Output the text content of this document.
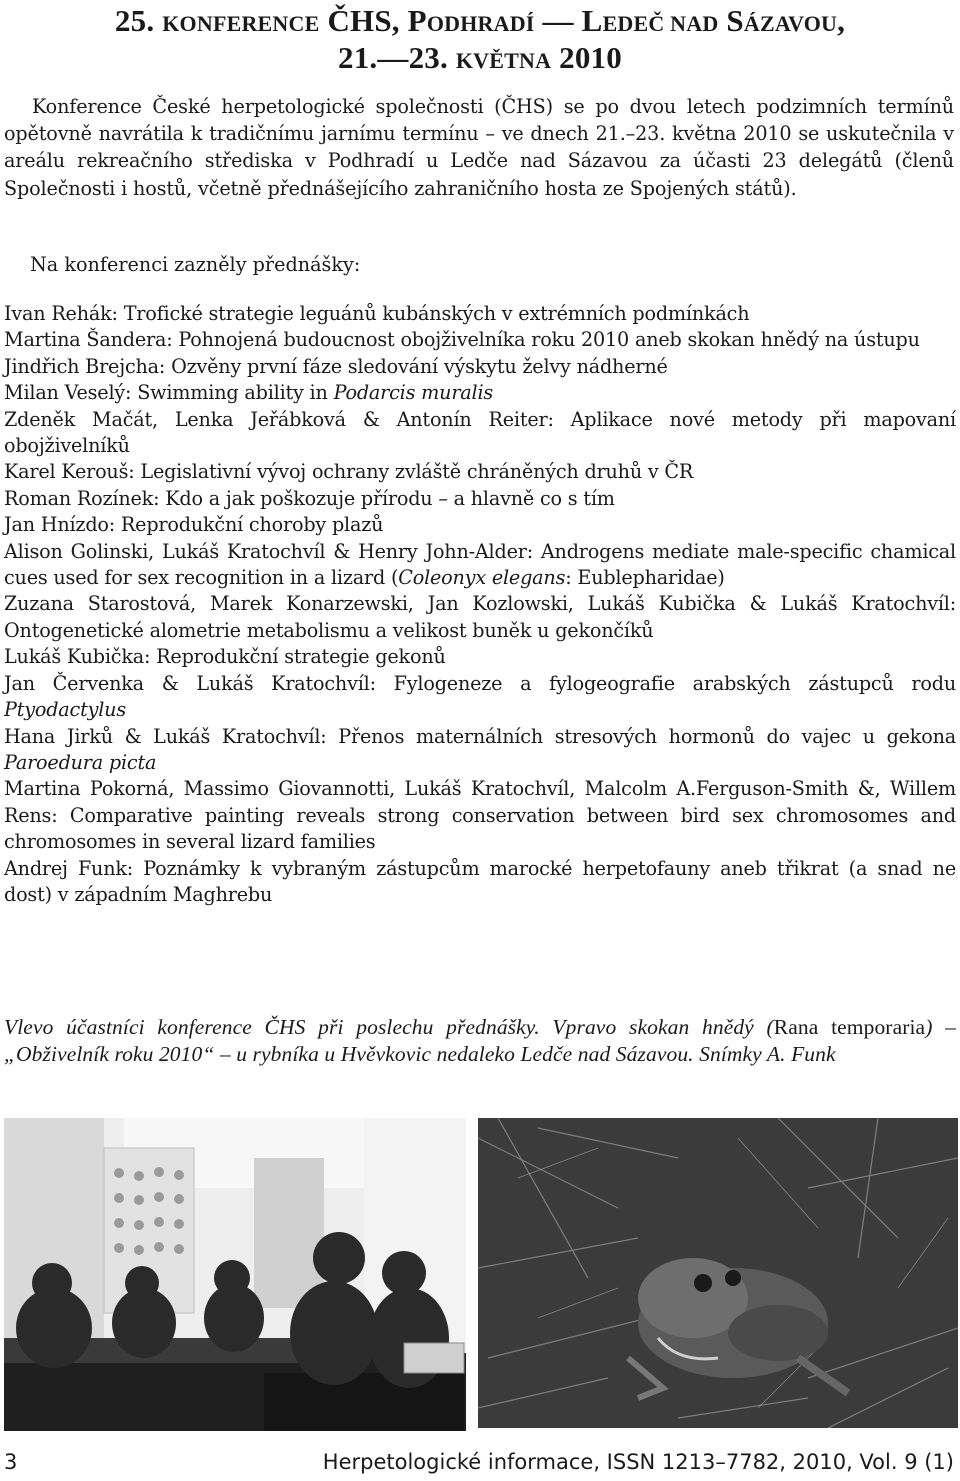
25. KONFERENCE ČHS, PODHRADÍ — LEDEČ NAD SÁZAVOU,
21.—23. KVĚTNA 2010

Konference České herpetologické společnosti (ČHS) se po dvou letech podzimních termínů opětovně navrátila k tradičnímu jarnímu termínu – ve dnech 21.–23. května 2010 se uskutečnila v areálu rekreačního střediska v Podhradí u Ledče nad Sázavou za účasti 23 delegátů (členů Společnosti i hostů, včetně přednášejícího zahraničního hosta ze Spojených států).

Na konferenci zazněly přednášky:

Ivan Rehák: Trofické strategie leguánů kubánských v extrémních podmínkách

Martina Šandera: Pohnojená budoucnost obojživelníka roku 2010 aneb skokan hnědý na ústupu

Jindřich Brejcha: Ozvěny první fáze sledování výskytu želvy nádherné

Milan Veselý: Swimming ability in Podarcis muralis

Zdeněk Mačát, Lenka Jeřábková & Antonín Reiter: Aplikace nové metody při mapovaní obojživelníků

Karel Kerouš: Legislativní vývoj ochrany zvláště chráněných druhů v ČR

Roman Rozínek: Kdo a jak poškozuje přírodu – a hlavně co s tím

Jan Hnízdo: Reprodukční choroby plazů

Alison Golinski, Lukáš Kratochvíl & Henry John-Alder: Androgens mediate male-specific chamical cues used for sex recognition in a lizard (Coleonyx elegans: Eublepharidae)

Zuzana Starostová, Marek Konarzewski, Jan Kozlowski, Lukáš Kubička & Lukáš Kratochvíl: Ontogenetické alometrie metabolismu a velikost buněk u gekončíků

Lukáš Kubička: Reprodukční strategie gekonů

Jan Červenka & Lukáš Kratochvíl: Fylogeneze a fylogeografie arabských zástupců rodu Ptyodactylus

Hana Jirků & Lukáš Kratochvíl: Přenos maternálních stresových hormonů do vajec u gekona Paroedura picta

Martina Pokorná, Massimo Giovannotti, Lukáš Kratochvíl, Malcolm A.Ferguson-Smith &, Willem Rens: Comparative painting reveals strong conservation between bird sex chromosomes and chromosomes in several lizard families

Andrej Funk: Poznámky k vybraným zástupcům marocké herpetofauny aneb třikrat (a snad ne dost) v západním Maghrebu

Vlevo účastníci konference ČHS při poslechu přednášky. Vpravo skokan hnědý (Rana temporaria) – „Obživelník roku 2010“ – u rybníka u Hvěvkovic nedaleko Ledče nad Sázavou. Snímky A. Funk

3	Herpetologické informace, ISSN 1213–7782, 2010, Vol. 9 (1)
